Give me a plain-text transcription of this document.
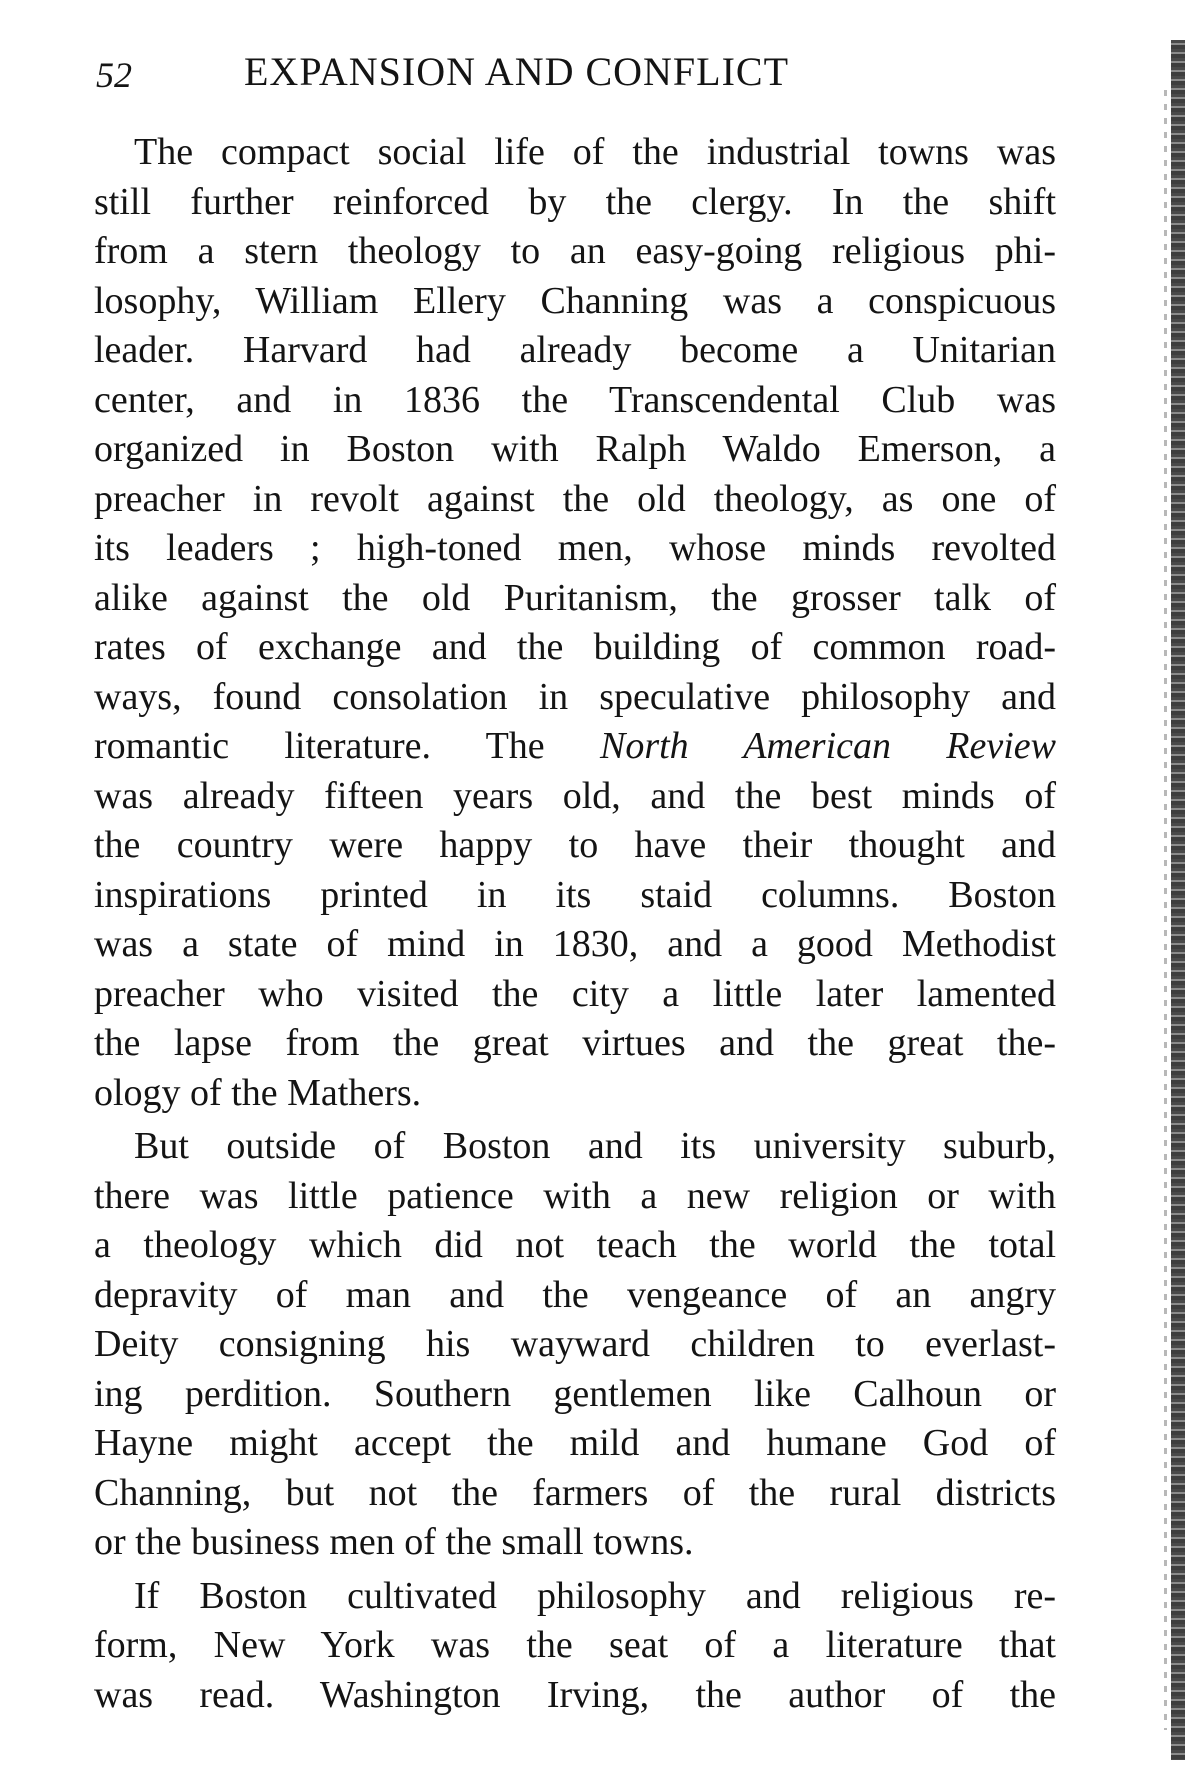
52	EXPANSION AND CONFLICT

The compact social life of the industrial towns was
still further reinforced by the clergy. In the shift
from a stern theology to an easy-going religious phi-
losophy, William Ellery Channing was a conspicuous
leader. Harvard had already become a Unitarian
center, and in 1836 the Transcendental Club was
organized in Boston with Ralph Waldo Emerson, a
preacher in revolt against the old theology, as one of
its leaders ; high-toned men, whose minds revolted
alike against the old Puritanism, the grosser talk of
rates of exchange and the building of common road-
ways, found consolation in speculative philosophy and
romantic literature. The North American Review
was already fifteen years old, and the best minds of
the country were happy to have their thought and
inspirations printed in its staid columns. Boston
was a state of mind in 1830, and a good Methodist
preacher who visited the city a little later lamented
the lapse from the great virtues and the great the-
ology of the Mathers.

But outside of Boston and its university suburb,
there was little patience with a new religion or with
a theology which did not teach the world the total
depravity of man and the vengeance of an angry
Deity consigning his wayward children to everlast-
ing perdition. Southern gentlemen like Calhoun or
Hayne might accept the mild and humane God of
Channing, but not the farmers of the rural districts
or the business men of the small towns.

If Boston cultivated philosophy and religious re-
form, New York was the seat of a literature that
was read. Washington Irving, the author of the
